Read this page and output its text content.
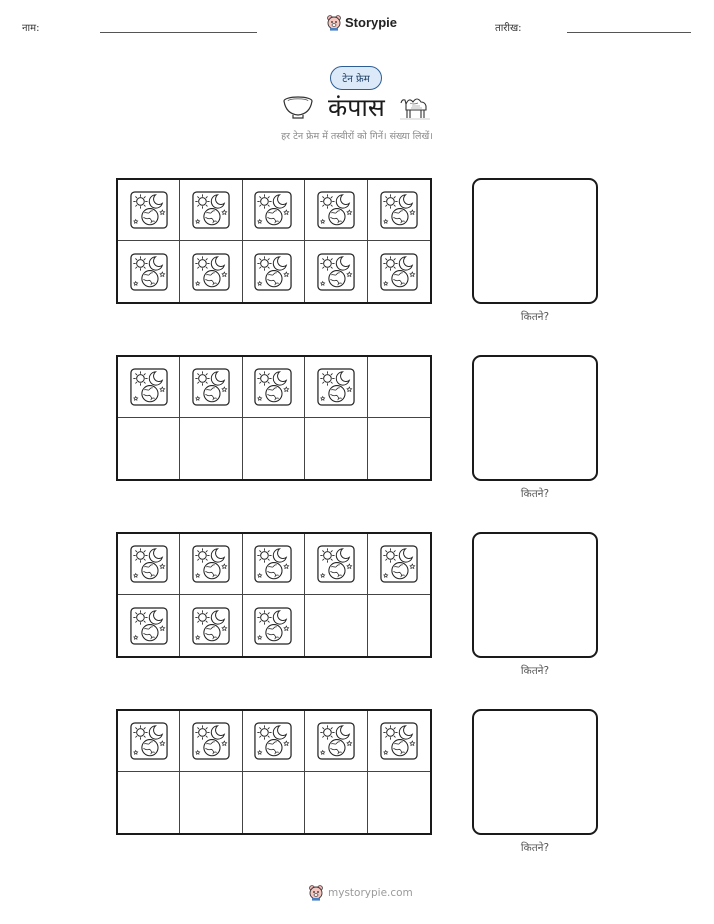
नाम:	Storypie	तारीख:
टेन फ्रेम
कंपास
हर टेन फ्रेम में तस्वीरों को गिनें। संख्या लिखें।
कितने?
कितने?
कितने?
कितने?
mystorypie.com
